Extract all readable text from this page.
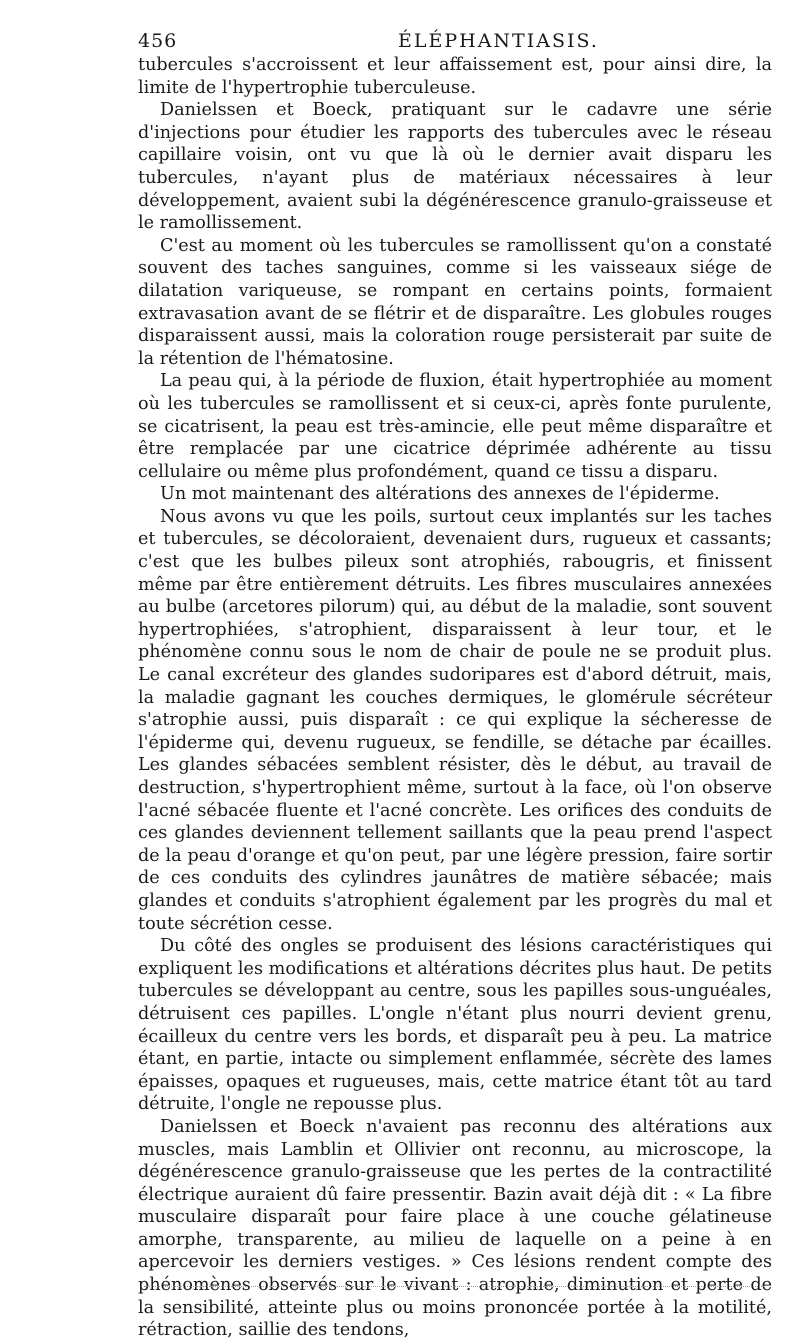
456	ÉLÉPHANTIASIS.

tubercules s'accroissent et leur affaissement est, pour ainsi dire, la limite de l'hypertrophie tuberculeuse.

Danielssen et Boeck, pratiquant sur le cadavre une série d'injections pour étudier les rapports des tubercules avec le réseau capillaire voisin, ont vu que là où le dernier avait disparu les tubercules, n'ayant plus de matériaux nécessaires à leur développement, avaient subi la dégénérescence granulo-graisseuse et le ramollissement.

C'est au moment où les tubercules se ramollissent qu'on a constaté souvent des taches sanguines, comme si les vaisseaux siége de dilatation variqueuse, se rompant en certains points, formaient extravasation avant de se flétrir et de disparaître. Les globules rouges disparaissent aussi, mais la coloration rouge persisterait par suite de la rétention de l'hématosine.

La peau qui, à la période de fluxion, était hypertrophiée au moment où les tubercules se ramollissent et si ceux-ci, après fonte purulente, se cicatrisent, la peau est très-amincie, elle peut même disparaître et être remplacée par une cicatrice déprimée adhérente au tissu cellulaire ou même plus profondément, quand ce tissu a disparu.

Un mot maintenant des altérations des annexes de l'épiderme.

Nous avons vu que les poils, surtout ceux implantés sur les taches et tubercules, se décoloraient, devenaient durs, rugueux et cassants; c'est que les bulbes pileux sont atrophiés, rabougris, et finissent même par être entièrement détruits. Les fibres musculaires annexées au bulbe (arcetores pilorum) qui, au début de la maladie, sont souvent hypertrophiées, s'atrophient, disparaissent à leur tour, et le phénomène connu sous le nom de chair de poule ne se produit plus. Le canal excréteur des glandes sudoripares est d'abord détruit, mais, la maladie gagnant les couches dermiques, le glomérule sécréteur s'atrophie aussi, puis disparaît : ce qui explique la sécheresse de l'épiderme qui, devenu rugueux, se fendille, se détache par écailles. Les glandes sébacées semblent résister, dès le début, au travail de destruction, s'hypertrophient même, surtout à la face, où l'on observe l'acné sébacée fluente et l'acné concrète. Les orifices des conduits de ces glandes deviennent tellement saillants que la peau prend l'aspect de la peau d'orange et qu'on peut, par une légère pression, faire sortir de ces conduits des cylindres jaunâtres de matière sébacée; mais glandes et conduits s'atrophient également par les progrès du mal et toute sécrétion cesse.

Du côté des ongles se produisent des lésions caractéristiques qui expliquent les modifications et altérations décrites plus haut. De petits tubercules se développant au centre, sous les papilles sous-unguéales, détruisent ces papilles. L'ongle n'étant plus nourri devient grenu, écailleux du centre vers les bords, et disparaît peu à peu. La matrice étant, en partie, intacte ou simplement enflammée, sécrète des lames épaisses, opaques et rugueuses, mais, cette matrice étant tôt au tard détruite, l'ongle ne repousse plus.

Danielssen et Boeck n'avaient pas reconnu des altérations aux muscles, mais Lamblin et Ollivier ont reconnu, au microscope, la dégénérescence granulo-graisseuse que les pertes de la contractilité électrique auraient dû faire pressentir. Bazin avait déjà dit : « La fibre musculaire disparaît pour faire place à une couche gélatineuse amorphe, transparente, au milieu de laquelle on a peine à en apercevoir les derniers vestiges. » Ces lésions rendent compte des phénomènes observés sur le vivant : atrophie, diminution et perte de la sensibilité, atteinte plus ou moins prononcée portée à la motilité, rétraction, saillie des tendons,
